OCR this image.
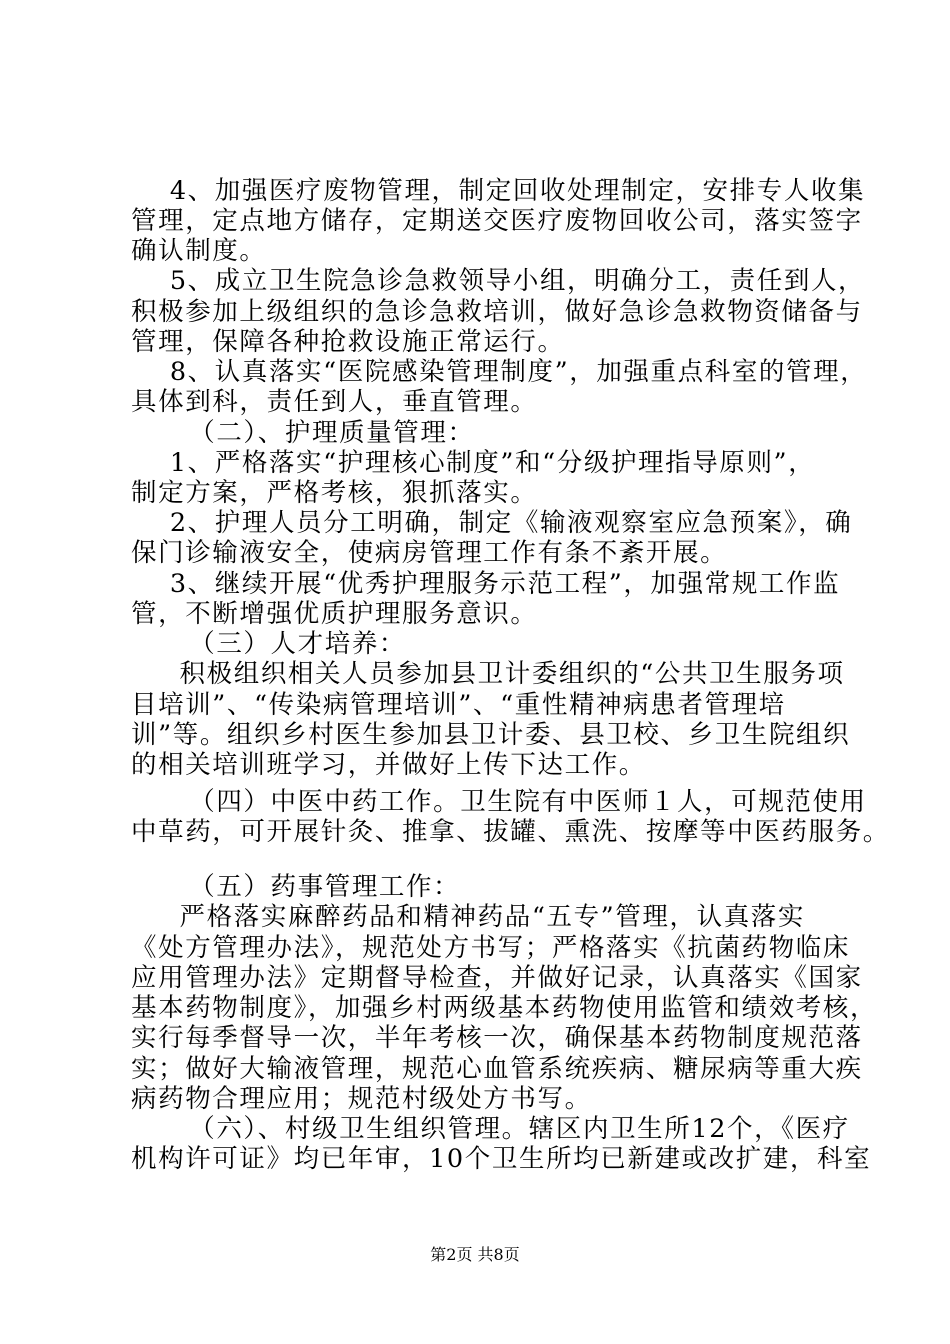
4、加强医疗废物管理，制定回收处理制定，安排专人收集
管理，定点地方储存，定期送交医疗废物回收公司，落实签字
确认制度。
5、成立卫生院急诊急救领导小组，明确分工，责任到人，
积极参加上级组织的急诊急救培训，做好急诊急救物资储备与
管理，保障各种抢救设施正常运行。
8、认真落实“医院感染管理制度”，加强重点科室的管理，
具体到科，责任到人，垂直管理。
（二）、护理质量管理：
1、严格落实“护理核心制度”和“分级护理指导原则”，
制定方案，严格考核，狠抓落实。
2、护理人员分工明确，制定《输液观察室应急预案》，确
保门诊输液安全，使病房管理工作有条不紊开展。
3、继续开展“优秀护理服务示范工程”，加强常规工作监
管，不断增强优质护理服务意识。
（三）人才培养：
积极组织相关人员参加县卫计委组织的“公共卫生服务项
目培训”、“传染病管理培训”、“重性精神病患者管理培
训”等。组织乡村医生参加县卫计委、县卫校、乡卫生院组织
的相关培训班学习，并做好上传下达工作。
（四）中医中药工作。卫生院有中医师１人，可规范使用
中草药，可开展针灸、推拿、拔罐、熏洗、按摩等中医药服务。
（五）药事管理工作：
严格落实麻醉药品和精神药品“五专”管理，认真落实
《处方管理办法》，规范处方书写；严格落实《抗菌药物临床
应用管理办法》定期督导检查，并做好记录，认真落实《国家
基本药物制度》，加强乡村两级基本药物使用监管和绩效考核，
实行每季督导一次，半年考核一次，确保基本药物制度规范落
实；做好大输液管理，规范心血管系统疾病、糖尿病等重大疾
病药物合理应用；规范村级处方书写。
（六）、村级卫生组织管理。辖区内卫生所12个，《医疗
机构许可证》均已年审，10个卫生所均已新建或改扩建，科室
第2页 共8页
